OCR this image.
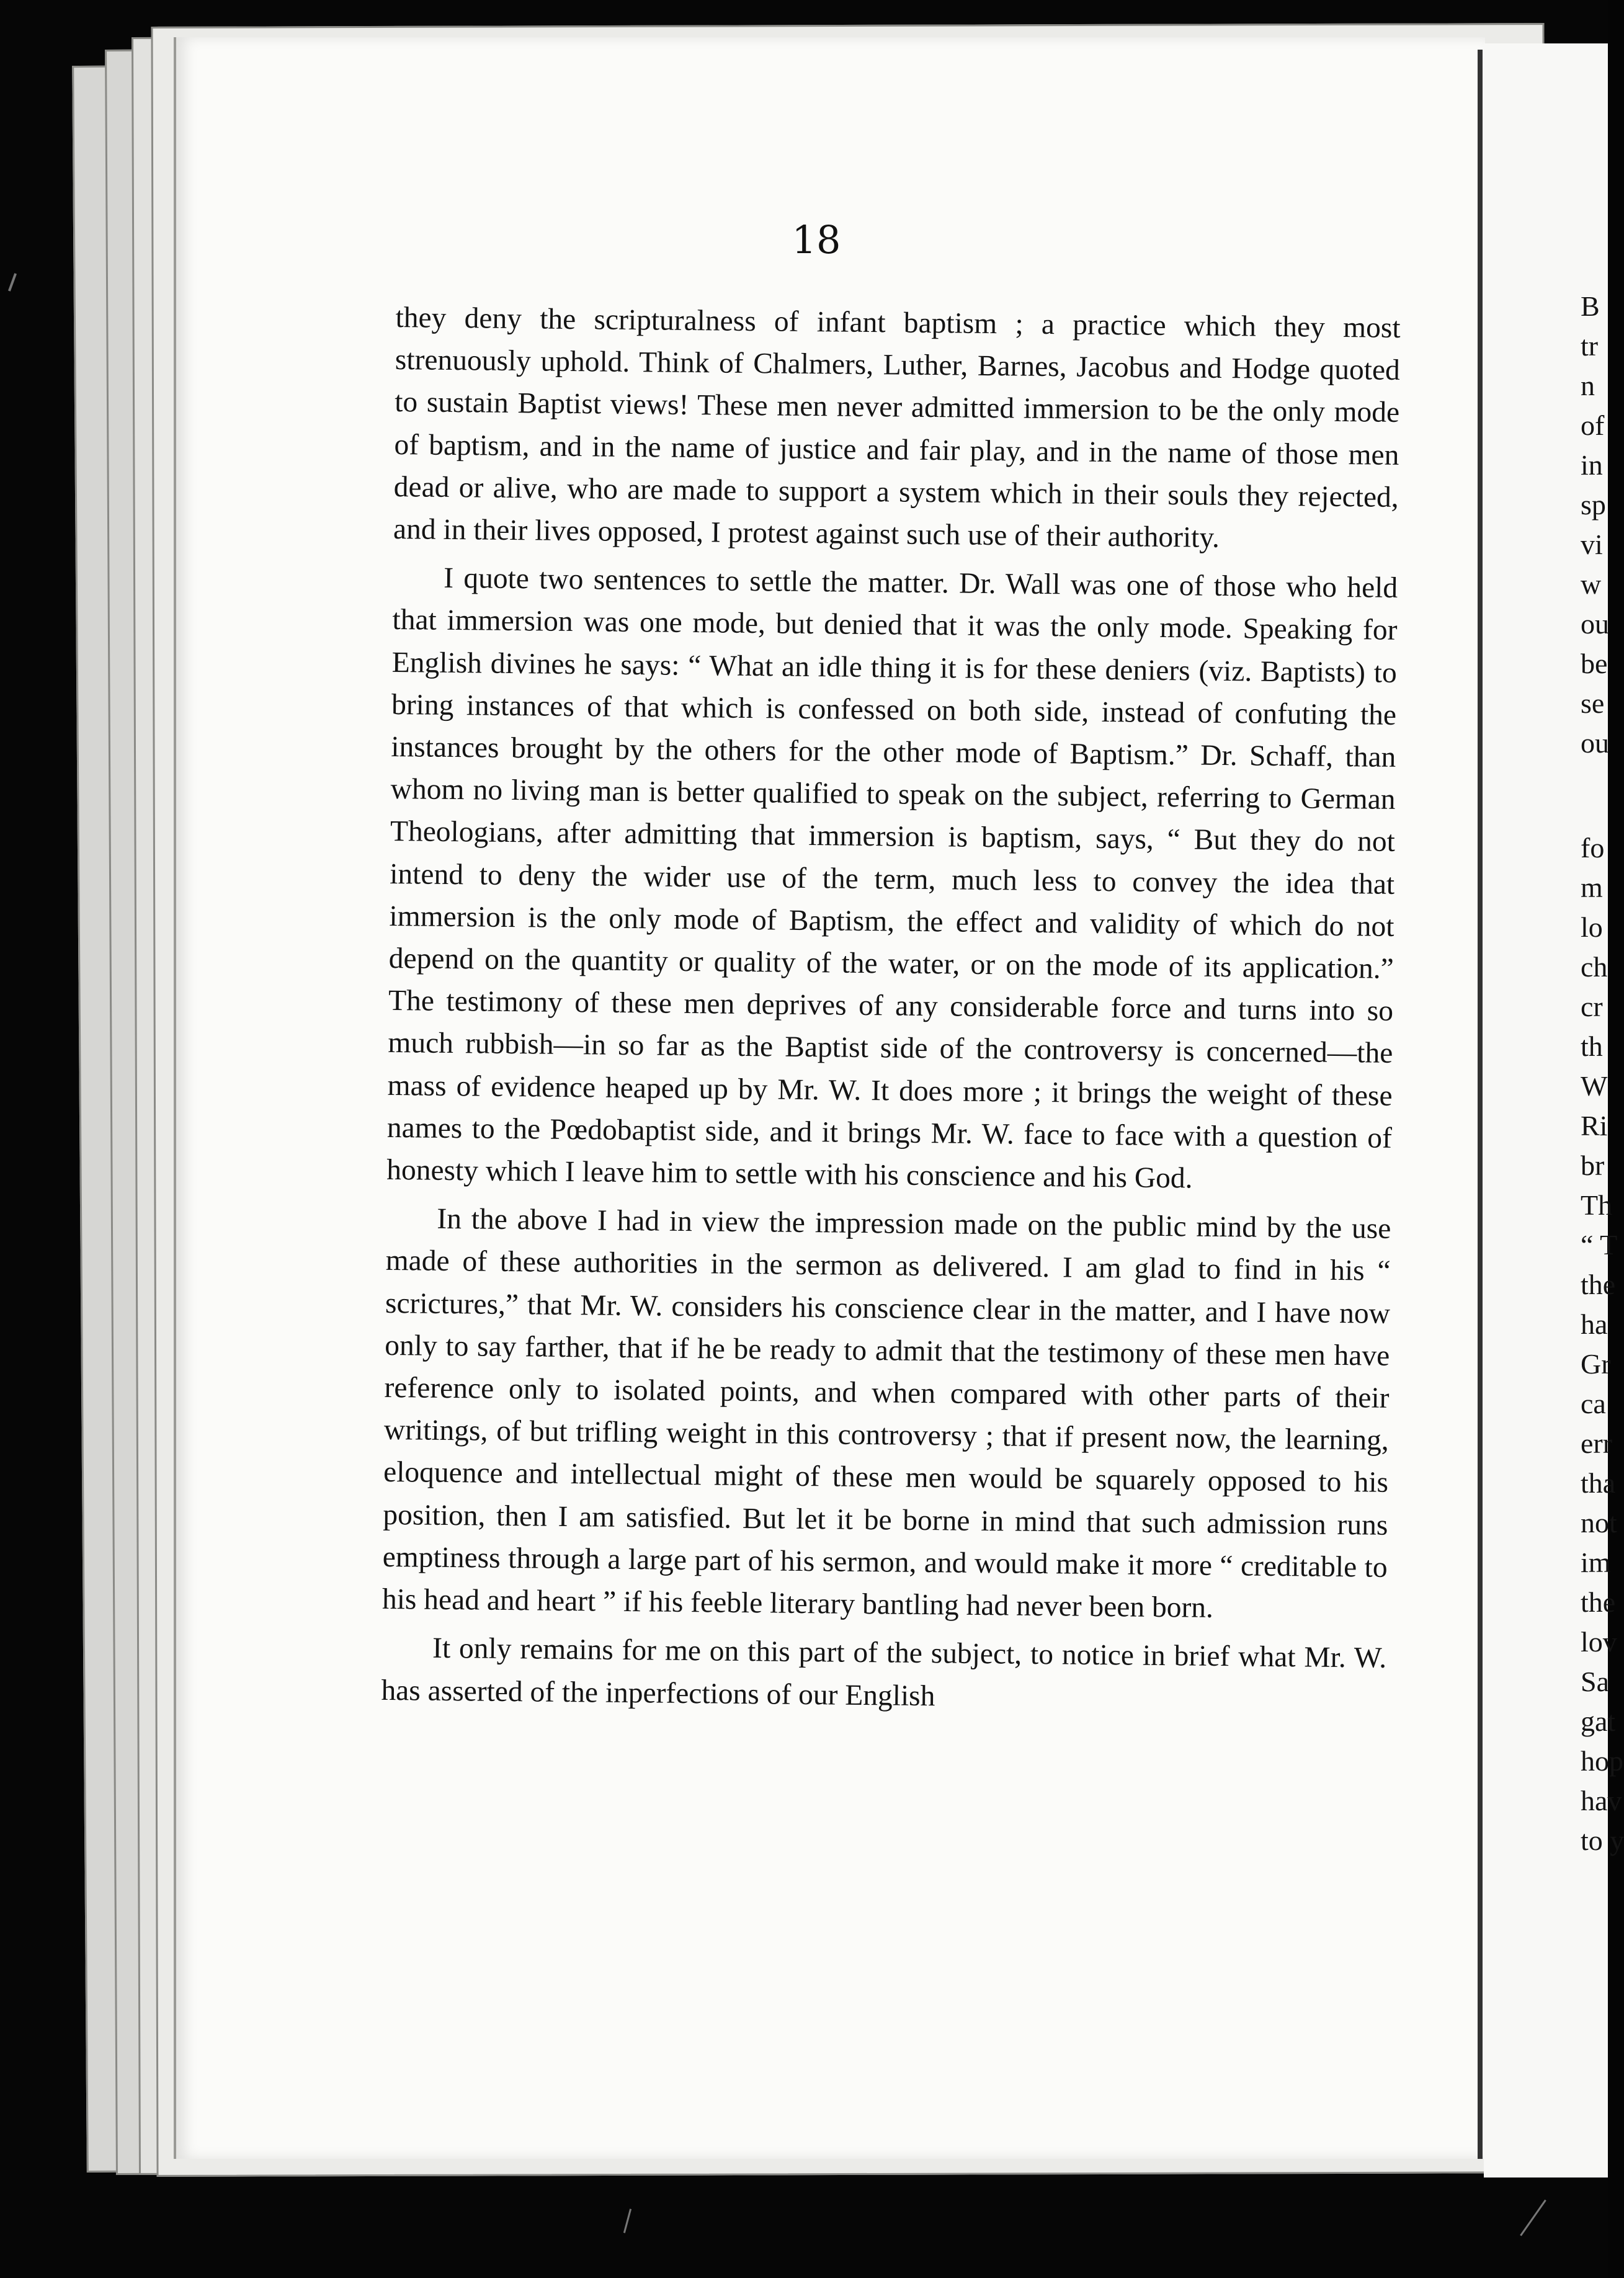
18

they deny the scripturalness of infant baptism ; a practice which they most strenuously uphold. Think of Chalmers, Luther, Barnes, Jacobus and Hodge quoted to sustain Baptist views! These men never admitted immersion to be the only mode of baptism, and in the name of justice and fair play, and in the name of those men dead or alive, who are made to support a system which in their souls they rejected, and in their lives opposed, I protest against such use of their authority.

I quote two sentences to settle the matter. Dr. Wall was one of those who held that immersion was one mode, but denied that it was the only mode. Speaking for English divines he says: “ What an idle thing it is for these deniers (viz. Baptists) to bring instances of that which is confessed on both side, instead of confuting the instances brought by the others for the other mode of Baptism.” Dr. Schaff, than whom no living man is better qualified to speak on the subject, referring to German Theologians, after admitting that immersion is baptism, says, “ But they do not intend to deny the wider use of the term, much less to convey the idea that immersion is the only mode of Baptism, the effect and validity of which do not depend on the quantity or quality of the water, or on the mode of its application.” The testimony of these men deprives of any considerable force and turns into so much rubbish—in so far as the Baptist side of the controversy is concerned—the mass of evidence heaped up by Mr. W. It does more ; it brings the weight of these names to the Pœdobaptist side, and it brings Mr. W. face to face with a question of honesty which I leave him to settle with his conscience and his God.

In the above I had in view the impression made on the public mind by the use made of these authorities in the sermon as delivered. I am glad to find in his “ scrictures,” that Mr. W. considers his conscience clear in the matter, and I have now only to say farther, that if he be ready to admit that the testimony of these men have reference only to isolated points, and when compared with other parts of their writings, of but trifling weight in this controversy ; that if present now, the learning, eloquence and intellectual might of these men would be squarely opposed to his position, then I am satisfied. But let it be borne in mind that such admission runs emptiness through a large part of his sermon, and would make it more “ creditable to his head and heart ” if his feeble literary bantling had never been born.

It only remains for me on this part of the subject, to notice in brief what Mr. W. has asserted of the inperfections of our English

B
tr
n
of
in
sp
vi
w
ou
be
se
ou
fo
m
lo
ch
cr
th
W
Ri
br
Th
“ T
the
ha
Gr
ca
err
tha
not
im
the
lov
Sa
gat
hop
hav
to y
